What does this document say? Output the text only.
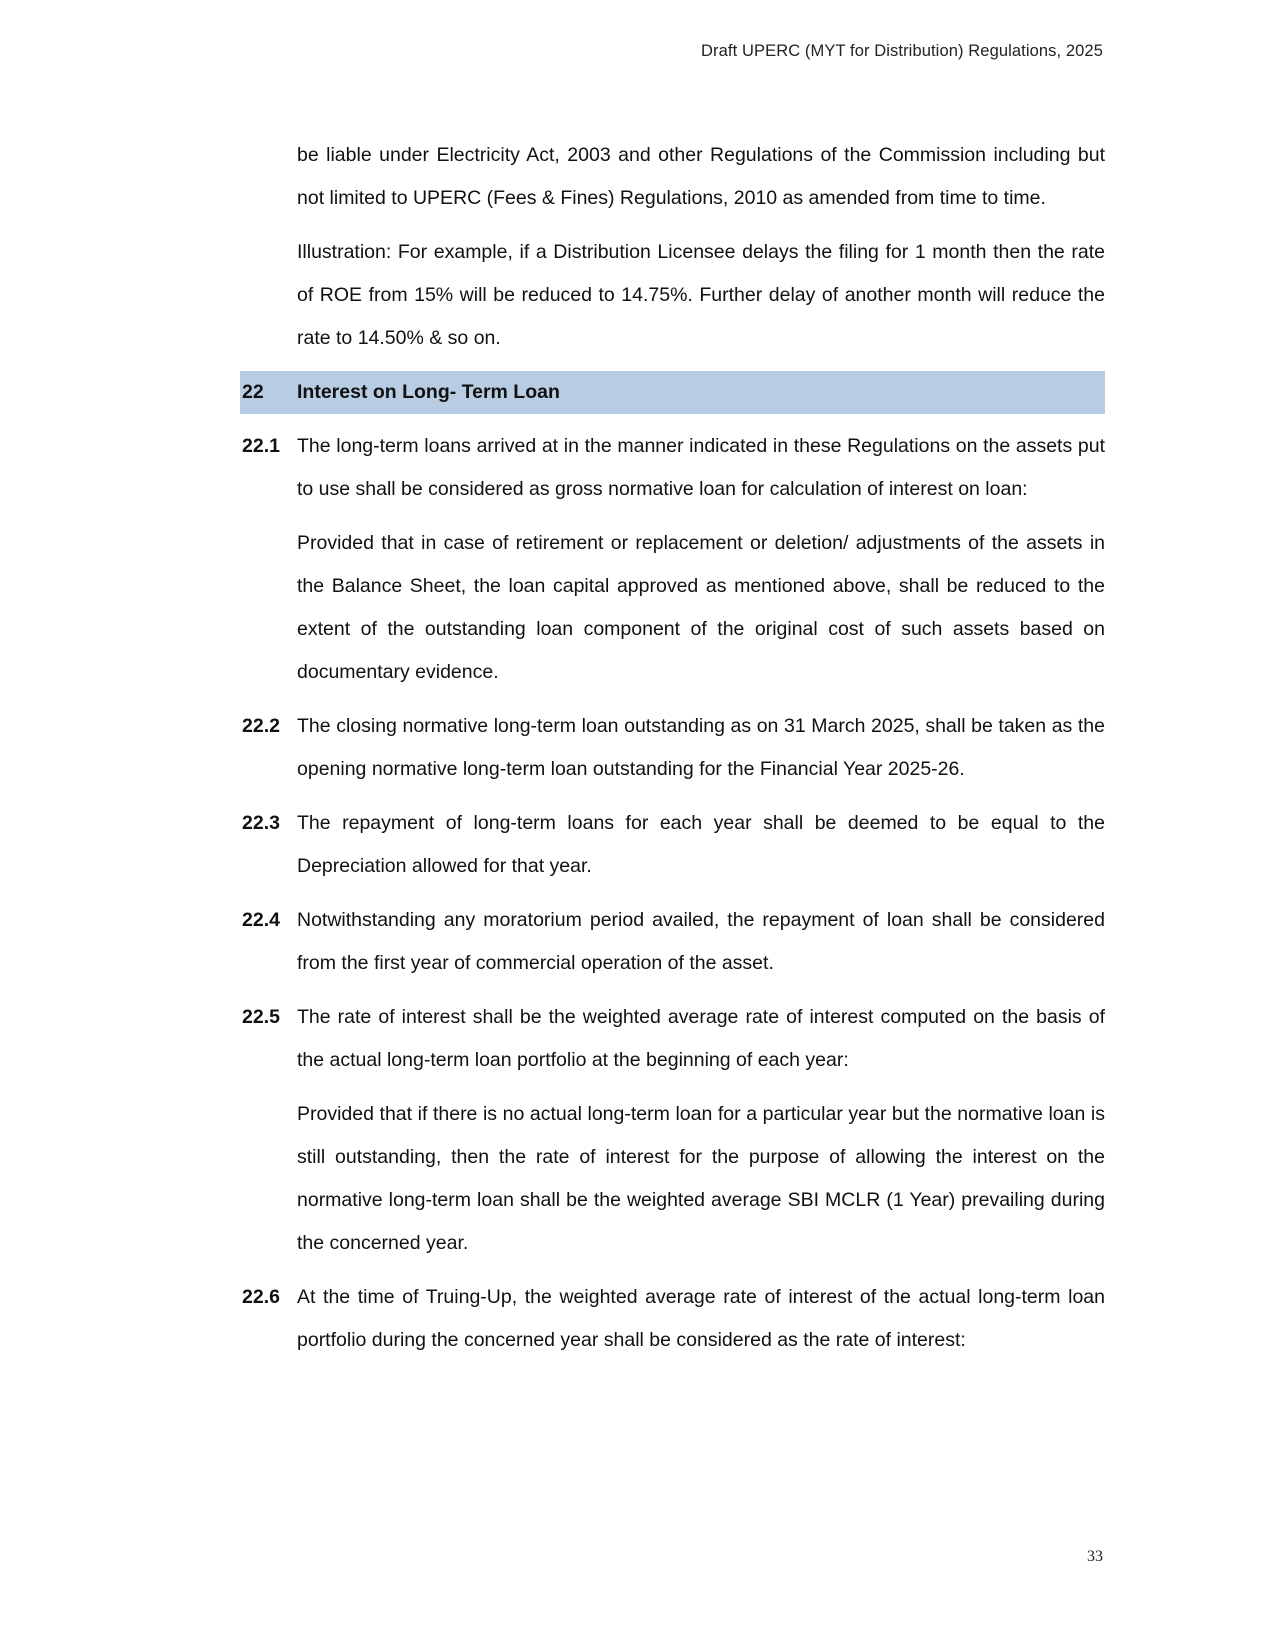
Draft UPERC (MYT for Distribution) Regulations, 2025

be liable under Electricity Act, 2003 and other Regulations of the Commission including but not limited to UPERC (Fees & Fines) Regulations, 2010 as amended from time to time.

Illustration: For example, if a Distribution Licensee delays the filing for 1 month then the rate of ROE from 15% will be reduced to 14.75%. Further delay of another month will reduce the rate to 14.50% & so on.

22	Interest on Long- Term Loan
22.1 The long-term loans arrived at in the manner indicated in these Regulations on the assets put to use shall be considered as gross normative loan for calculation of interest on loan:

Provided that in case of retirement or replacement or deletion/ adjustments of the assets in the Balance Sheet, the loan capital approved as mentioned above, shall be reduced to the extent of the outstanding loan component of the original cost of such assets based on documentary evidence.

22.2 The closing normative long-term loan outstanding as on 31 March 2025, shall be taken as the opening normative long-term loan outstanding for the Financial Year 2025-26.

22.3 The repayment of long-term loans for each year shall be deemed to be equal to the Depreciation allowed for that year.

22.4 Notwithstanding any moratorium period availed, the repayment of loan shall be considered from the first year of commercial operation of the asset.

22.5 The rate of interest shall be the weighted average rate of interest computed on the basis of the actual long-term loan portfolio at the beginning of each year:

Provided that if there is no actual long-term loan for a particular year but the normative loan is still outstanding, then the rate of interest for the purpose of allowing the interest on the normative long-term loan shall be the weighted average SBI MCLR (1 Year) prevailing during the concerned year.

22.6 At the time of Truing-Up, the weighted average rate of interest of the actual long-term loan portfolio during the concerned year shall be considered as the rate of interest:

33
